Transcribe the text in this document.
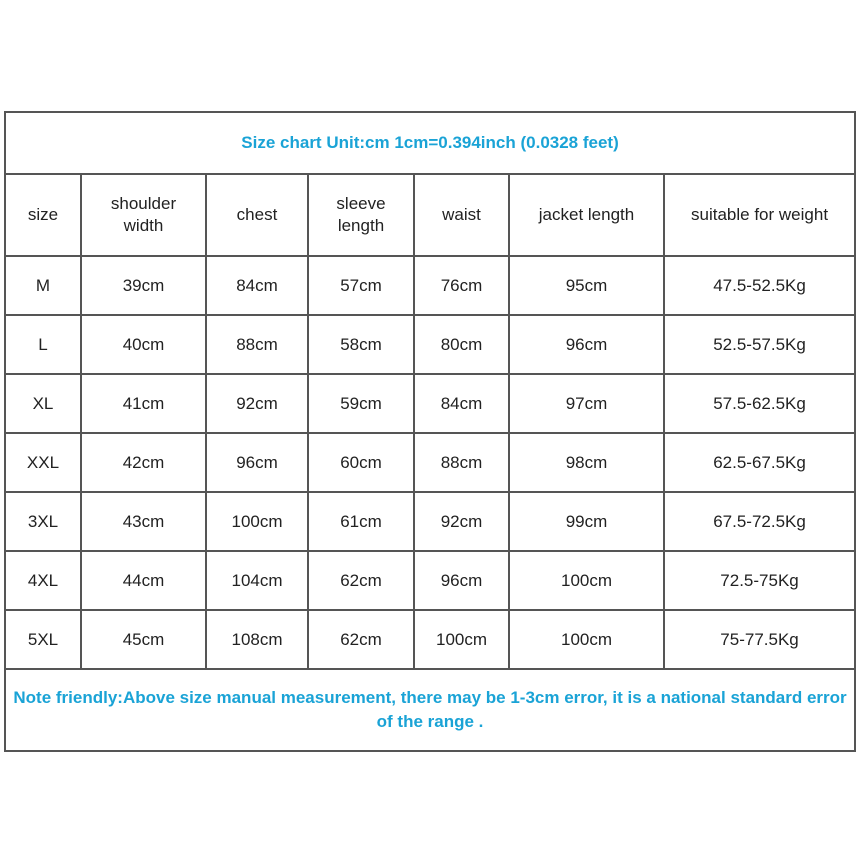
Size chart Unit:cm 1cm=0.394inch (0.0328 feet)						
size	shoulder width	chest	sleeve length	waist	jacket length	suitable for weight
M	39cm	84cm	57cm	76cm	95cm	47.5-52.5Kg
L	40cm	88cm	58cm	80cm	96cm	52.5-57.5Kg
XL	41cm	92cm	59cm	84cm	97cm	57.5-62.5Kg
XXL	42cm	96cm	60cm	88cm	98cm	62.5-67.5Kg
3XL	43cm	100cm	61cm	92cm	99cm	67.5-72.5Kg
4XL	44cm	104cm	62cm	96cm	100cm	72.5-75Kg
5XL	45cm	108cm	62cm	100cm	100cm	75-77.5Kg
Note friendly:Above size manual measurement, there may be 1-3cm error, it is a national standard error of the range .						
